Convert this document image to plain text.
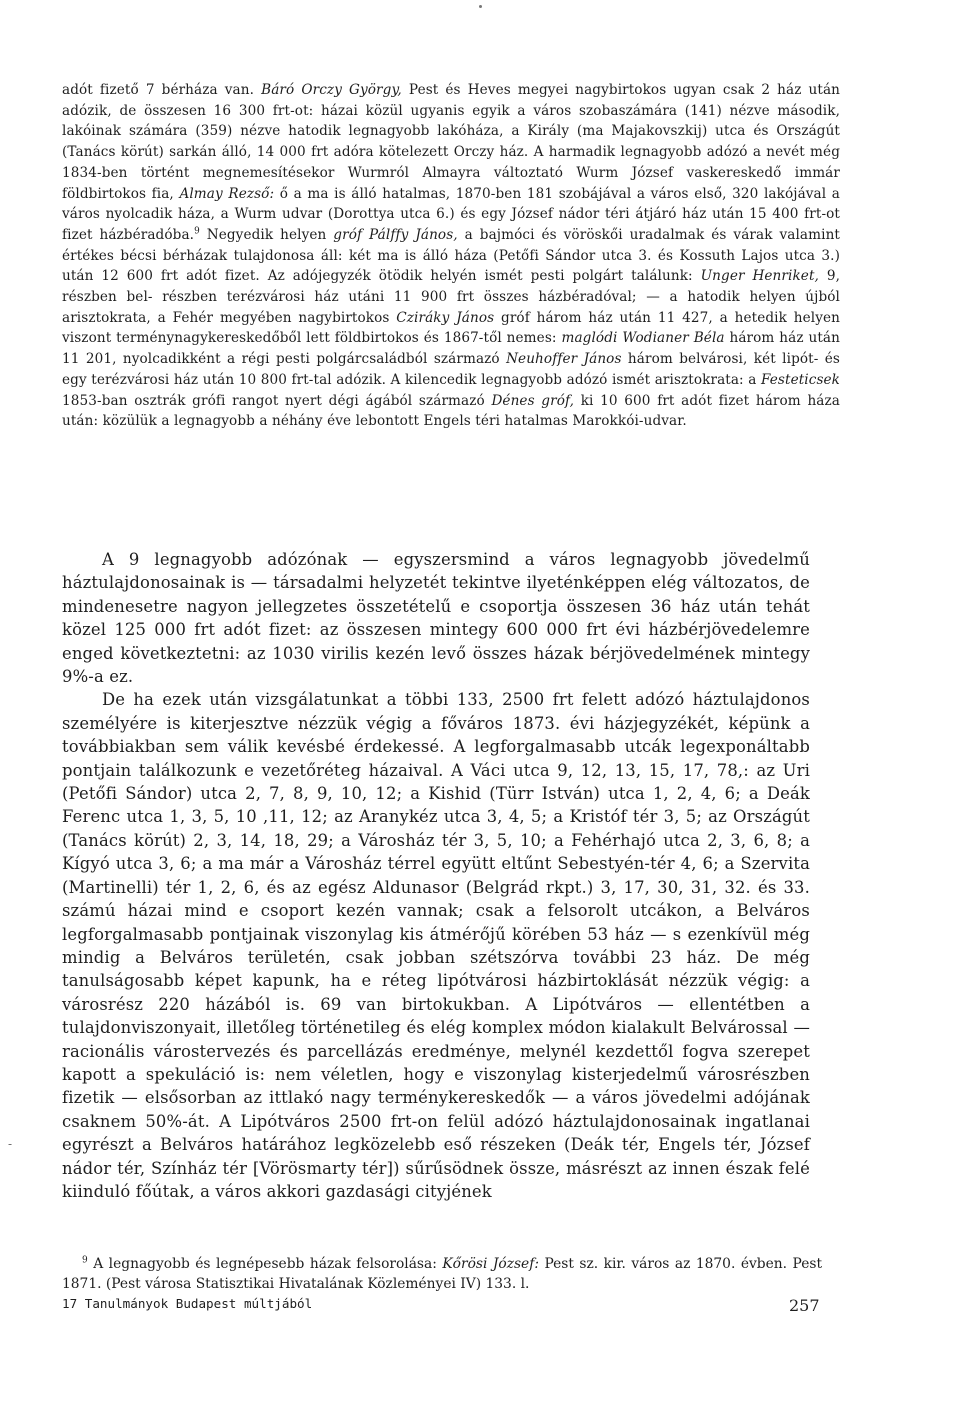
adót fizető 7 bérháza van. Báró Orczy György, Pest és Heves megyei nagybirtokos ugyan csak 2 ház után adózik, de összesen 16 300 frt-ot: házai közül ugyanis egyik a város szobaszámára (141) nézve második, lakóinak számára (359) nézve hatodik legnagyobb lakóháza, a Király (ma Majakovszkij) utca és Országút (Tanács körút) sarkán álló, 14 000 frt adóra kötelezett Orczy ház. A harmadik legnagyobb adózó a nevét még 1834-ben történt megnemesítésekor Wurmról Almayra változtató Wurm József vaskereskedő immár földbirtokos fia, Almay Rezső: ő a ma is álló hatalmas, 1870-ben 181 szobájával a város első, 320 lakójával a város nyolcadik háza, a Wurm udvar (Dorottya utca 6.) és egy József nádor téri átjáró ház után 15 400 frt-ot fizet házbéradóba.$^9$ Negyedik helyen gróf Pálffy János, a bajmóci és vöröskői uradalmak és várak valamint értékes bécsi bérházak tulajdonosa áll: két ma is álló háza (Petőfi Sándor utca 3. és Kossuth Lajos utca 3.) után 12 600 frt adót fizet. Az adójegyzék ötödik helyén ismét pesti polgárt találunk: Unger Henriket, 9, részben bel- részben terézvárosi ház utáni 11 900 frt összes házbéradóval; — a hatodik helyen újból arisztokrata, a Fehér megyében nagybirtokos Cziráky János gróf három ház után 11 427, a hetedik helyen viszont terménynagykereskedőből lett földbirtokos és 1867-től nemes: maglódi Wodianer Béla három ház után 11 201, nyolcadikként a régi pesti polgárcsaládból származó Neuhoffer János három belvárosi, két lipót- és egy terézvárosi ház után 10 800 frt-tal adózik. A kilencedik legnagyobb adózó ismét arisztokrata: a Festeticsek 1853-ban osztrák grófi rangot nyert dégi ágából származó Dénes gróf, ki 10 600 frt adót fizet három háza után: közülük a legnagyobb a néhány éve lebontott Engels téri hatalmas Marokkói-udvar.

A 9 legnagyobb adózónak — egyszersmind a város legnagyobb jövedelmű háztulajdonosainak is — társadalmi helyzetét tekintve ilyeténképpen elég változatos, de mindenesetre nagyon jellegzetes összetételű e csoportja összesen 36 ház után tehát közel 125 000 frt adót fizet: az összesen mintegy 600 000 frt évi házbérjövedelemre enged következtetni: az 1030 virilis kezén levő összes házak bérjövedelmének mintegy 9%-a ez.

De ha ezek után vizsgálatunkat a többi 133, 2500 frt felett adózó háztulajdonos személyére is kiterjesztve nézzük végig a főváros 1873. évi házjegyzékét, képünk a továbbiakban sem válik kevésbé érdekessé. A legforgalmasabb utcák legexponáltabb pontjain találkozunk e vezetőréteg házaival. A Váci utca 9, 12, 13, 15, 17, 78,: az Uri (Petőfi Sándor) utca 2, 7, 8, 9, 10, 12; a Kishid (Türr István) utca 1, 2, 4, 6; a Deák Ferenc utca 1, 3, 5, 10 ,11, 12; az Aranykéz utca 3, 4, 5; a Kristóf tér 3, 5; az Országút (Tanács körút) 2, 3, 14, 18, 29; a Városház tér 3, 5, 10; a Fehérhajó utca 2, 3, 6, 8; a Kígyó utca 3, 6; a ma már a Városház térrel együtt eltűnt Sebestyén-tér 4, 6; a Szervita (Martinelli) tér 1, 2, 6, és az egész Aldunasor (Belgrád rkpt.) 3, 17, 30, 31, 32. és 33. számú házai mind e csoport kezén vannak; csak a felsorolt utcákon, a Belváros legforgalmasabb pontjainak viszonylag kis átmérőjű körében 53 ház — s ezenkívül még mindig a Belváros területén, csak jobban szétszórva további 23 ház. De még tanulságosabb képet kapunk, ha e réteg lipótvárosi házbirtoklását nézzük végig: a városrész 220 házából is. 69 van birtokukban. A Lipótváros — ellentétben a tulajdonviszonyait, illetőleg történetileg és elég komplex módon kialakult Belvárossal — racionális várostervezés és parcellázás eredménye, melynél kezdettől fogva szerepet kapott a spekuláció is: nem véletlen, hogy e viszonylag kisterjedelmű városrészben fizetik — elsősorban az ittlakó nagy terménykereskedők — a város jövedelmi adójának csaknem 50%-át. A Lipótváros 2500 frt-on felül adózó háztulajdonosainak ingatlanai egyrészt a Belváros határához legközelebb eső részeken (Deák tér, Engels tér, József nádor tér, Színház tér [Vörösmarty tér]) sűrűsödnek össze, másrészt az innen észak felé kiinduló főútak, a város akkori gazdasági cityjének

-

$^9$ A legnagyobb és legnépesebb házak felsorolása: Kőrösi József: Pest sz. kir. város az 1870. évben. Pest 1871. (Pest városa Statisztikai Hivatalának Közleményei IV) 133. l.

17 Tanulmányok Budapest múltjából	257
